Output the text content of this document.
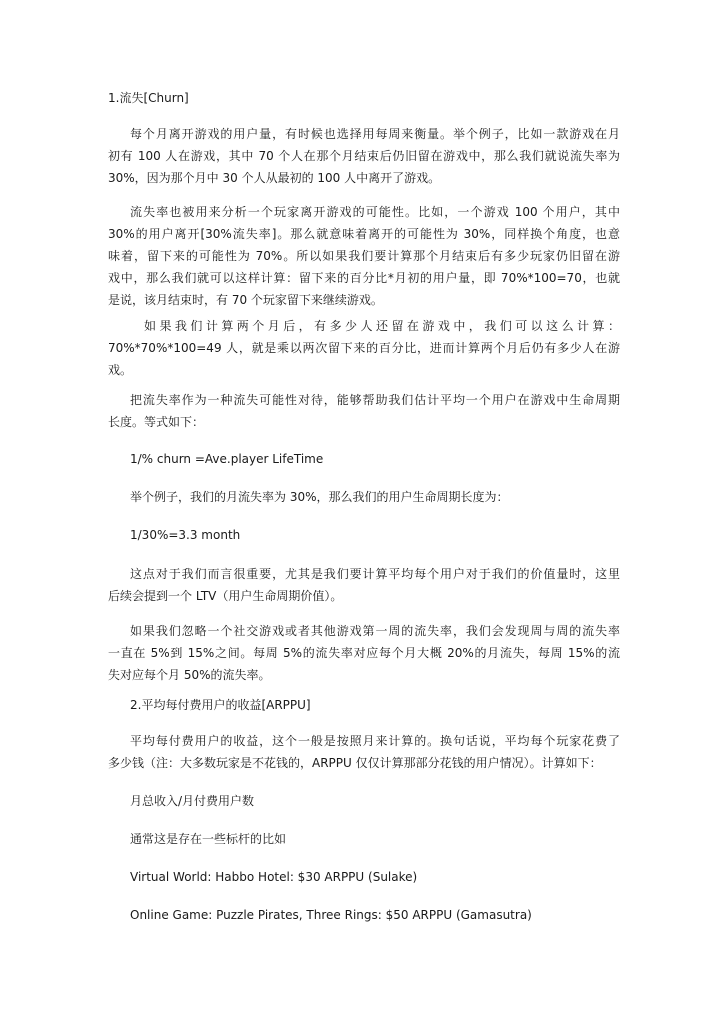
1.流失[Churn]
每个月离开游戏的用户量，有时候也选择用每周来衡量。举个例子，比如一款游戏在月
初有 100 人在游戏，其中 70 个人在那个月结束后仍旧留在游戏中，那么我们就说流失率为
30%，因为那个月中 30 个人从最初的 100 人中离开了游戏。
流失率也被用来分析一个玩家离开游戏的可能性。比如，一个游戏 100 个用户，其中
30%的用户离开[30%流失率]。那么就意味着离开的可能性为 30%，同样换个角度，也意
味着，留下来的可能性为 70%。所以如果我们要计算那个月结束后有多少玩家仍旧留在游
戏中，那么我们就可以这样计算：留下来的百分比*月初的用户量，即 70%*100=70，也就
是说，该月结束时，有 70 个玩家留下来继续游戏。
如果我们计算两个月后，有多少人还留在游戏中，我们可以这么计算：
70%*70%*100=49 人，就是乘以两次留下来的百分比，进而计算两个月后仍有多少人在游
戏。
把流失率作为一种流失可能性对待，能够帮助我们估计平均一个用户在游戏中生命周期
长度。等式如下：
1/% churn =Ave.player LifeTime
举个例子，我们的月流失率为 30%，那么我们的用户生命周期长度为：
1/30%=3.3 month
这点对于我们而言很重要，尤其是我们要计算平均每个用户对于我们的价值量时，这里
后续会提到一个 LTV（用户生命周期价值）。
如果我们忽略一个社交游戏或者其他游戏第一周的流失率，我们会发现周与周的流失率
一直在 5%到 15%之间。每周 5%的流失率对应每个月大概 20%的月流失，每周 15%的流
失对应每个月 50%的流失率。
2.平均每付费用户的收益[ARPPU]
平均每付费用户的收益，这个一般是按照月来计算的。换句话说，平均每个玩家花费了
多少钱（注：大多数玩家是不花钱的，ARPPU 仅仅计算那部分花钱的用户情况）。计算如下：
月总收入/月付费用户数
通常这是存在一些标杆的比如
Virtual World: Habbo Hotel: $30 ARPPU (Sulake)
Online Game: Puzzle Pirates, Three Rings: $50 ARPPU (Gamasutra)
